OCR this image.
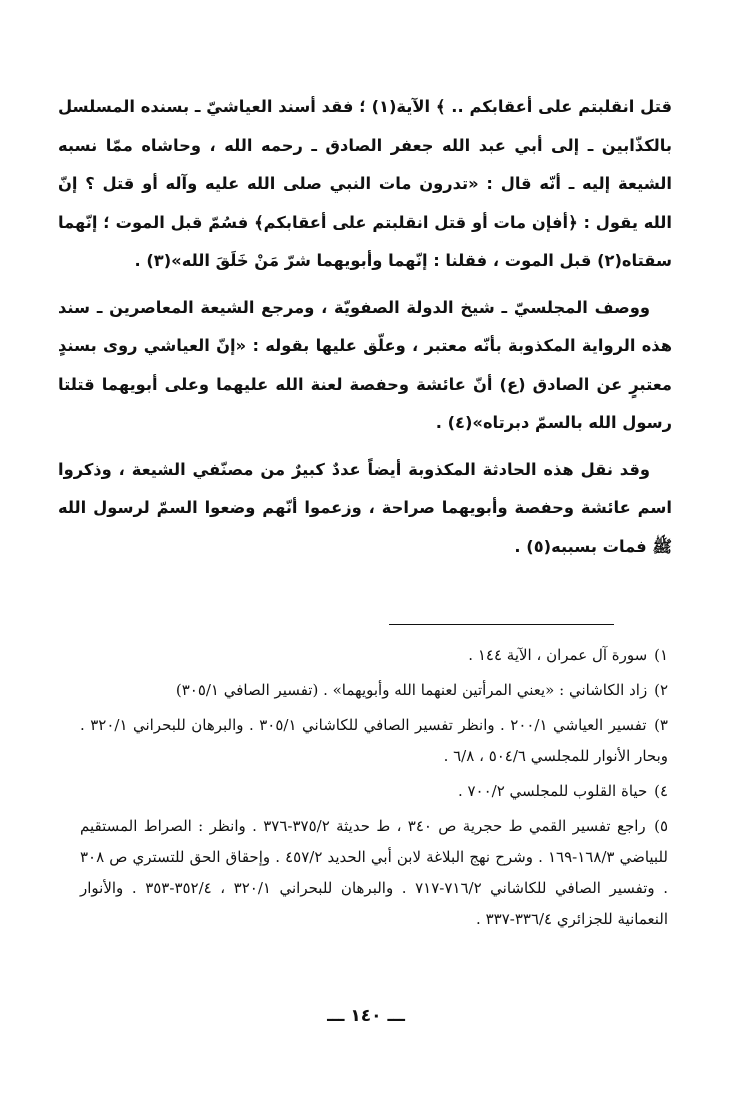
قتل انقلبتم على أعقابكم .. ﴾ الآية(١) ؛ فقد أسند العياشيّ ـ بسنده المسلسل بالكذّابين ـ إلى أبي عبد الله جعفر الصادق ـ رحمه الله ، وحاشاه ممّا نسبه الشيعة إليه ـ أنّه قال : «تدرون مات النبي صلى الله عليه وآله أو قتل ؟ إنّ الله يقول : ﴿أفإن مات أو قتل انقلبتم على أعقابكم﴾ فسُمّ قبل الموت ؛ إنّهما سقتاه(٢) قبل الموت ، فقلنا : إنّهما وأبويهما شرّ مَنْ خَلَقَ الله»(٣) .

ووصف المجلسيّ ـ شيخ الدولة الصفويّة ، ومرجع الشيعة المعاصرين ـ سند هذه الرواية المكذوبة بأنّه معتبر ، وعلّق عليها بقوله : «إنّ العياشي روى بسندٍ معتبرٍ عن الصادق (ع) أنّ عائشة وحفصة لعنة الله عليهما وعلى أبويهما قتلتا رسول الله بالسمّ دبرتاه»(٤) .

وقد نقل هذه الحادثة المكذوبة أيضاً عددٌ كبيرٌ من مصنّفي الشيعة ، وذكروا اسم عائشة وحفصة وأبويهما صراحة ، وزعموا أنّهم وضعوا السمّ لرسول الله ﷺ فمات بسببه(٥) .

١) سورة آل عمران ، الآية ١٤٤ .
٢) زاد الكاشاني : «يعني المرأتين لعنهما الله وأبويهما» . (تفسير الصافي ٣٠٥/١)
٣) تفسير العياشي ٢٠٠/١ . وانظر تفسير الصافي للكاشاني ٣٠٥/١ . والبرهان للبحراني ٣٢٠/١ . وبحار الأنوار للمجلسي ٥٠٤/٦ ، ٦/٨ .
٤) حياة القلوب للمجلسي ٧٠٠/٢ .
٥) راجع تفسير القمي ط حجرية ص ٣٤٠ ، ط حديثة ٣٧٥/٢-٣٧٦ . وانظر : الصراط المستقيم للبياضي ١٦٨/٣-١٦٩ . وشرح نهج البلاغة لابن أبي الحديد ٤٥٧/٢ . وإحقاق الحق للتستري ص ٣٠٨ . وتفسير الصافي للكاشاني ٧١٦/٢-٧١٧ . والبرهان للبحراني ٣٢٠/١ ، ٣٥٢/٤-٣٥٣ . والأنوار النعمانية للجزائري ٣٣٦/٤-٣٣٧ .
ـــ ١٤٠ ـــ
